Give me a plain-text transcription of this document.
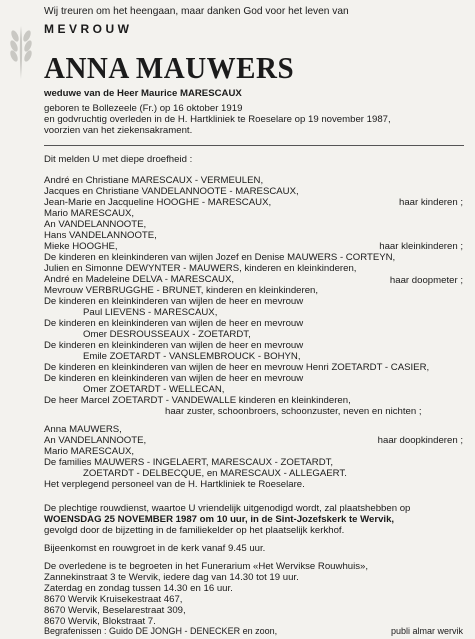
Wij treuren om het heengaan, maar danken God voor het leven van
MEVROUW
ANNA MAUWERS
weduwe van de Heer Maurice MARESCAUX
geboren te Bollezeele (Fr.) op 16 oktober 1919
en godvruchtig overleden in de H. Hartkliniek te Roeselare op 19 november 1987,
voorzien van het ziekensakrament.
Dit melden U met diepe droefheid :
André en Christiane MARESCAUX - VERMEULEN,
Jacques en Christiane VANDELANNOOTE - MARESCAUX,
Jean-Marie en Jacqueline HOOGHE - MARESCAUX,	haar kinderen ;
Mario MARESCAUX,
An VANDELANNOOTE,
Hans VANDELANNOOTE,
Mieke HOOGHE,	haar kleinkinderen ;
De kinderen en kleinkinderen van wijlen Jozef en Denise MAUWERS - CORTEYN,
Julien en Simonne DEWYNTER - MAUWERS, kinderen en kleinkinderen,
André en Madeleine DELVA - MARESCAUX,
Mevrouw VERBRUGGHE - BRUNET, kinderen en kleinkinderen,
haar doopmeter ;
De kinderen en kleinkinderen van wijlen de heer en mevrouw
Paul LIEVENS - MARESCAUX,
De kinderen en kleinkinderen van wijlen de heer en mevrouw
Omer DESROUSSEAUX - ZOETARDT,
De kinderen en kleinkinderen van wijlen de heer en mevrouw
Emile ZOETARDT - VANSLEMBROUCK - BOHYN,
De kinderen en kleinkinderen van wijlen de heer en mevrouw Henri ZOETARDT - CASIER,
De kinderen en kleinkinderen van wijlen de heer en mevrouw
Omer ZOETARDT - WELLECAN,
De heer Marcel ZOETARDT - VANDEWALLE kinderen en kleinkinderen,
haar zuster, schoonbroers, schoonzuster, neven en nichten ;
Anna MAUWERS,
An VANDELANNOOTE,
Mario MARESCAUX,
haar doopkinderen ;
De families MAUWERS - INGELAERT, MARESCAUX - ZOETARDT,
ZOETARDT - DELBECQUE, en MARESCAUX - ALLEGAERT.
Het verplegend personeel van de H. Hartkliniek te Roeselare.
De plechtige rouwdienst, waartoe U vriendelijk uitgenodigd wordt, zal plaatshebben op
WOENSDAG 25 NOVEMBER 1987 om 10 uur, in de Sint-Jozefskerk te Wervik,
gevolgd door de bijzetting in de familiekelder op het plaatselijk kerkhof.
Bijeenkomst en rouwgroet in de kerk vanaf 9.45 uur.
De overledene is te begroeten in het Funerarium «Het Wervikse Rouwhuis»,
Zannekinstraat 3 te Wervik, iedere dag van 14.30 tot 19 uur.
Zaterdag en zondag tussen 14.30 en 16 uur.
8670 Wervik Kruisekestraat 467,
8670 Wervik, Beselarestraat 309,
8670 Wervik, Blokstraat 7.
Begrafenissen : Guido DE JONGH - DENECKER en zoon,	publi almar wervik
